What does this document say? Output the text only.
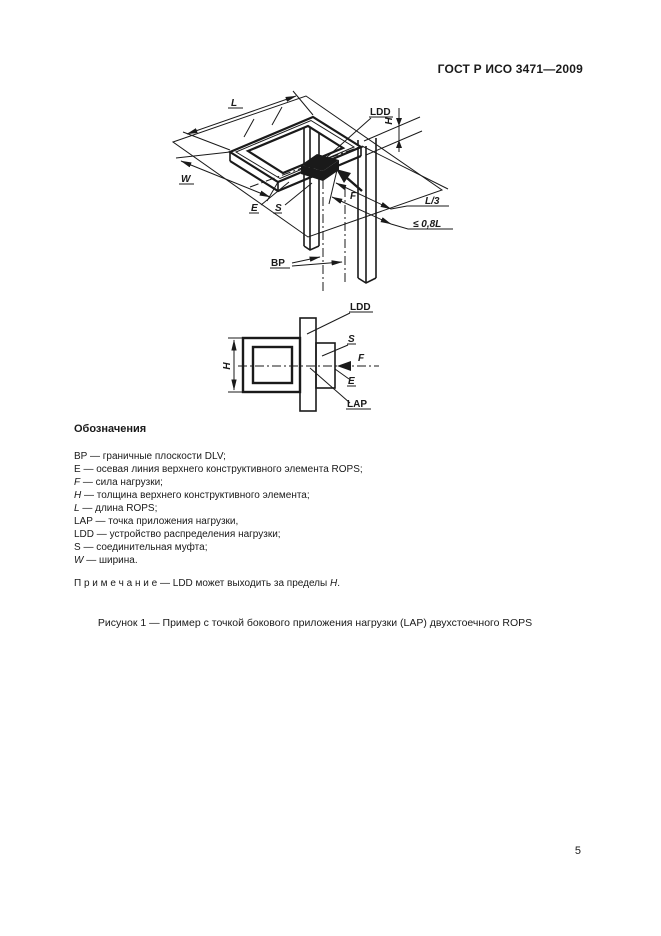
ГОСТ Р ИСО 3471—2009
L
W
LDD
H
E S
F
BP
L/3
≤ 0,8L
H
F
LDD
S
E
LAP
Обозначения
BP — граничные плоскости DLV;
E — осевая линия верхнего конструктивного элемента ROPS;
F — сила нагрузки;
H — толщина верхнего конструктивного элемента;
L — длина ROPS;
LAP — точка приложения нагрузки,
LDD — устройство распределения нагрузки;
S — соединительная муфта;
W — ширина.
П р и м е ч а н и е — LDD может выходить за пределы H.
Рисунок 1 — Пример с точкой бокового приложения нагрузки (LAP) двухстоечного ROPS
5
